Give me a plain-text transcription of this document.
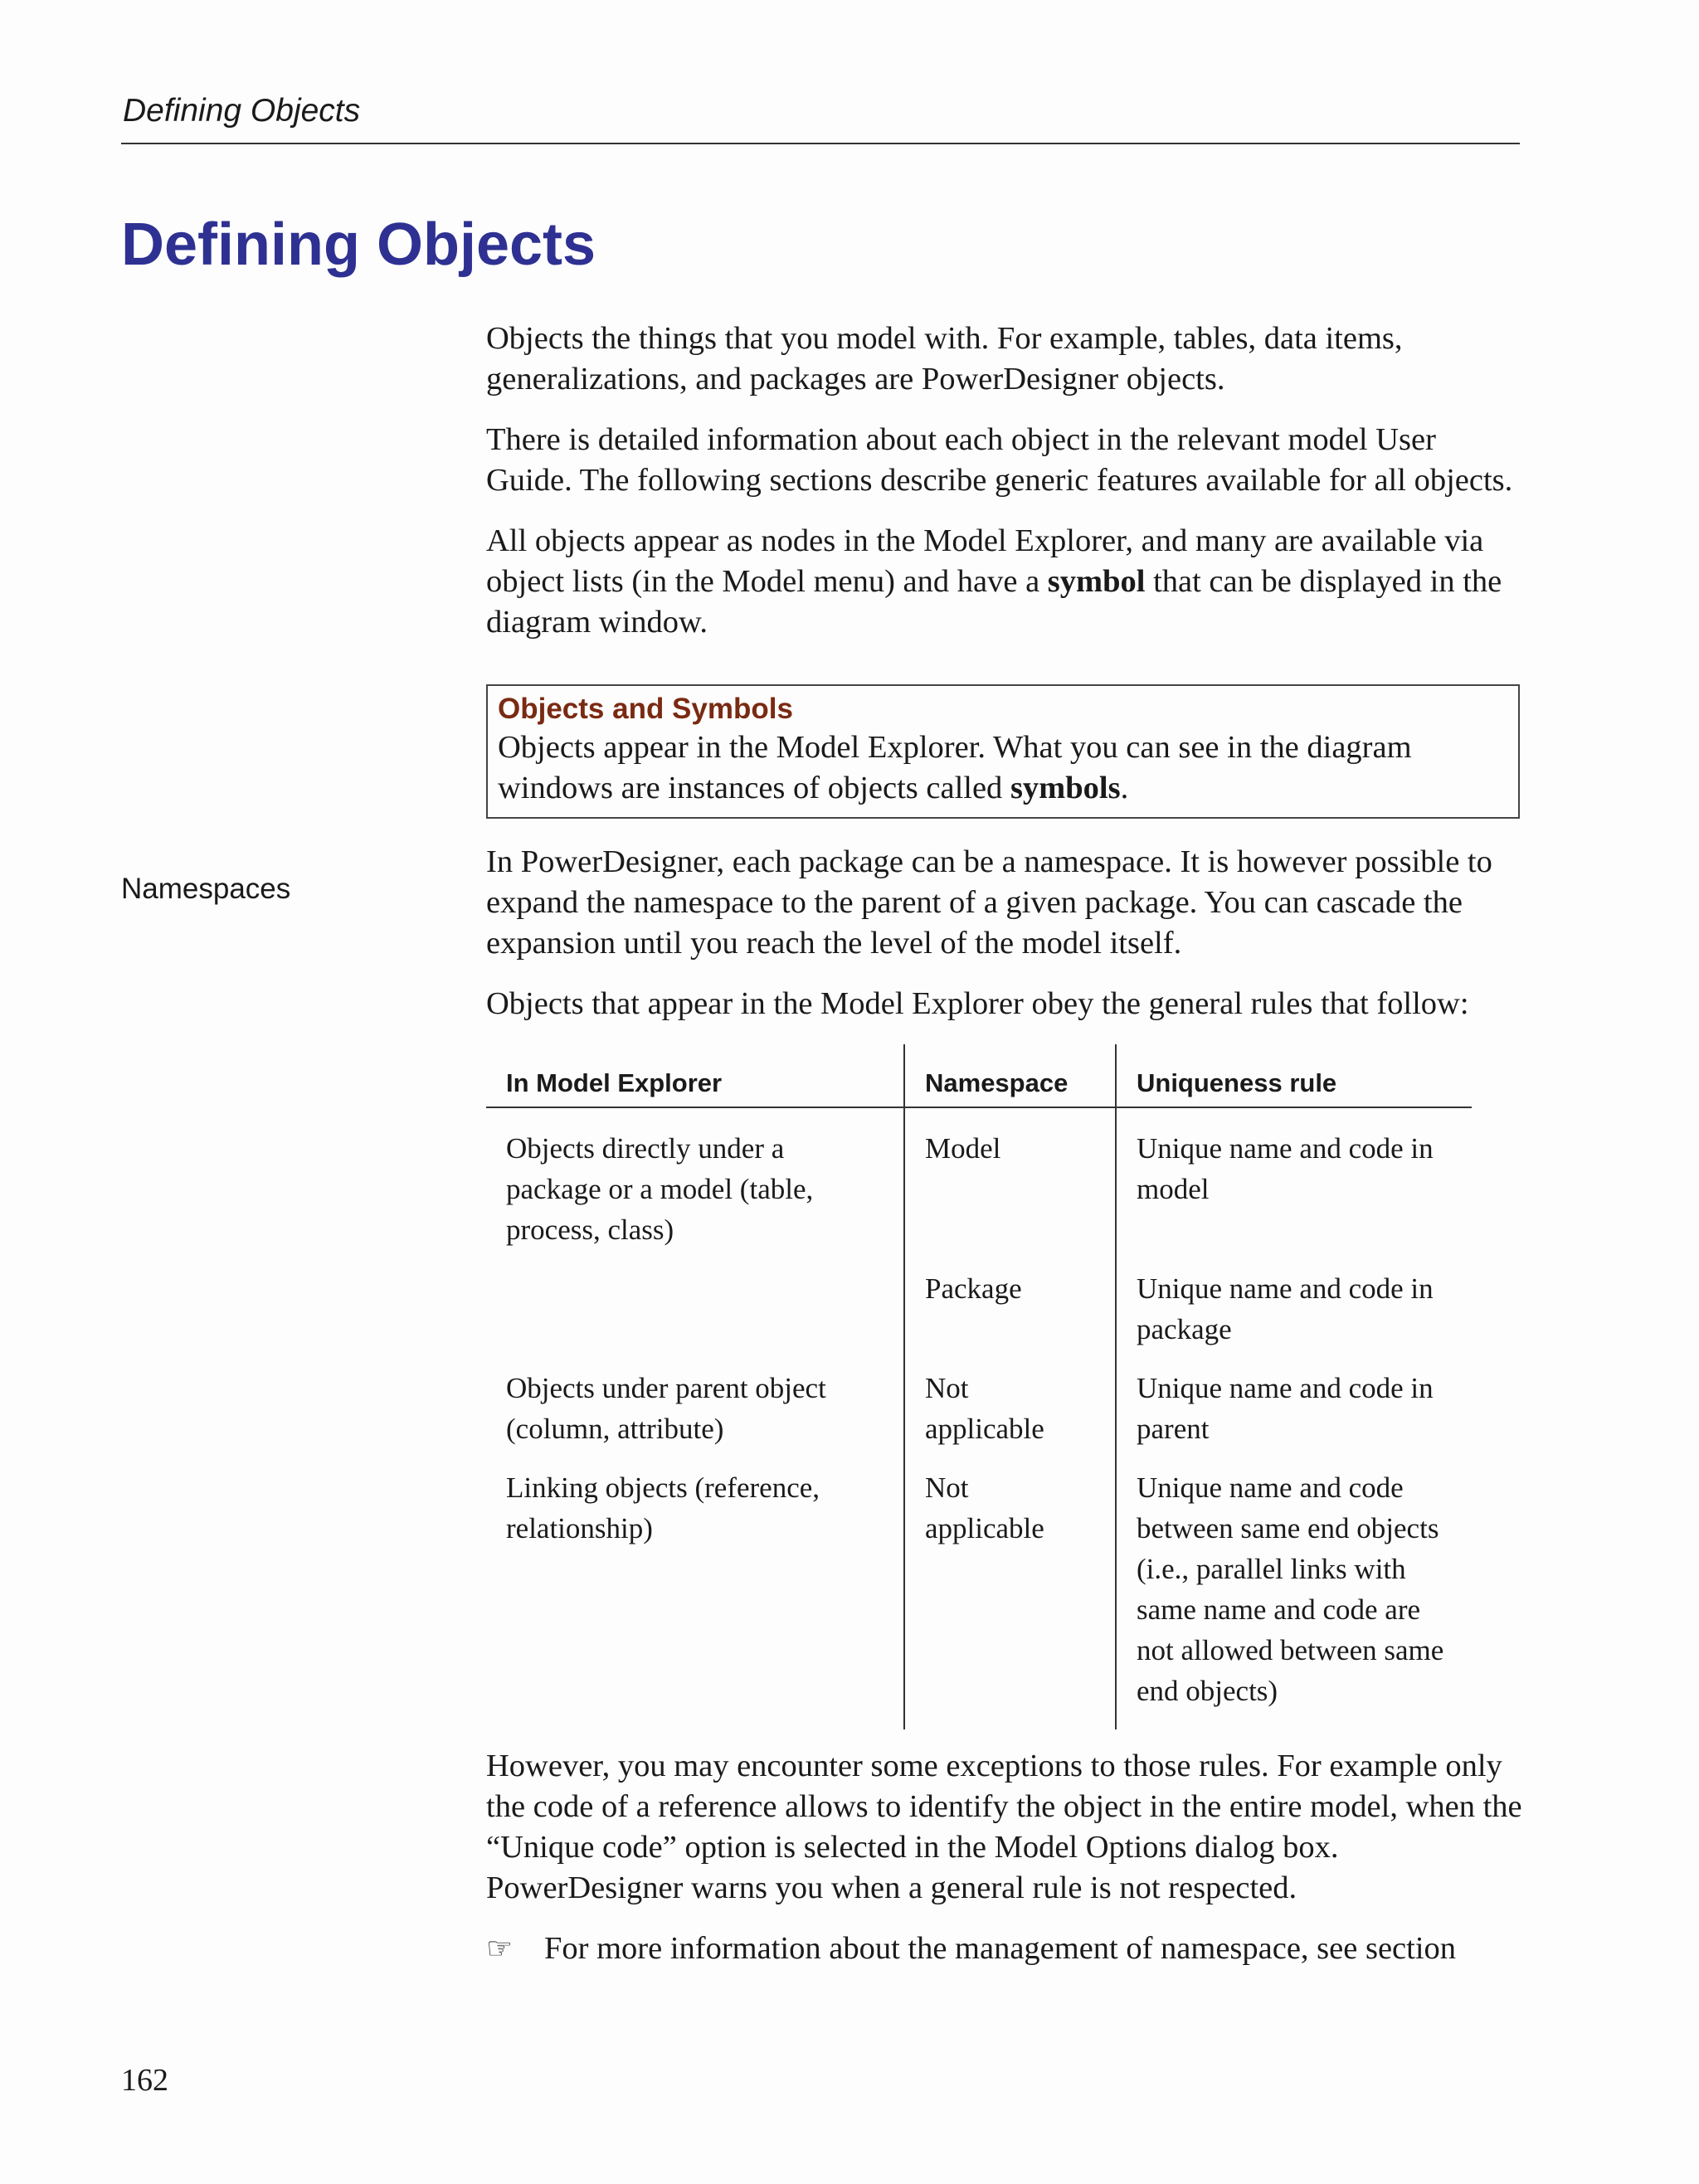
Defining Objects
Defining Objects
Namespaces

Objects the things that you model with. For example, tables, data items, generalizations, and packages are PowerDesigner objects.

There is detailed information about each object in the relevant model User Guide. The following sections describe generic features available for all objects.

All objects appear as nodes in the Model Explorer, and many are available via object lists (in the Model menu) and have a symbol that can be displayed in the diagram window.

Objects and Symbols
Objects appear in the Model Explorer. What you can see in the diagram windows are instances of objects called symbols.

In PowerDesigner, each package can be a namespace. It is however possible to expand the namespace to the parent of a given package. You can cascade the expansion until you reach the level of the model itself.

Objects that appear in the Model Explorer obey the general rules that follow:

In Model Explorer	Namespace	Uniqueness rule
Objects directly under a package or a model (table, process, class)	Model	Unique name and code in model
	Package	Unique name and code in package
Objects under parent object (column, attribute)	Not applicable	Unique name and code in parent
Linking objects (reference, relationship)	Not applicable	Unique name and code between same end objects (i.e., parallel links with same name and code are not allowed between same end objects)

However, you may encounter some exceptions to those rules. For example only the code of a reference allows to identify the object in the entire model, when the “Unique code” option is selected in the Model Options dialog box. PowerDesigner warns you when a general rule is not respected.

☞ For more information about the management of namespace, see section
162
